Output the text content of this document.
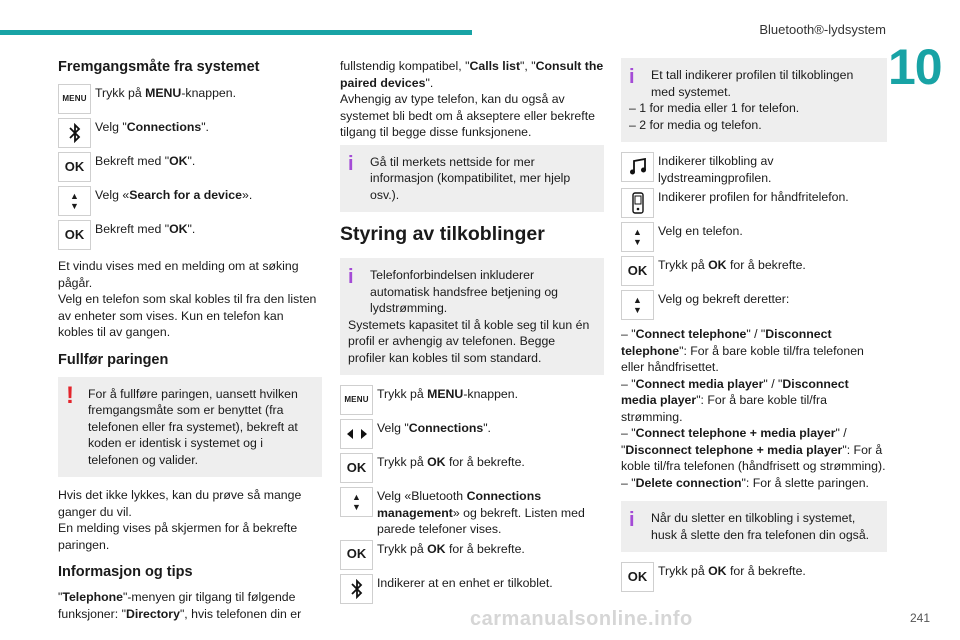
Bluetooth®-lydsystem
10
Fremgangsmåte fra systemet
MENU Trykk på MENU-knappen.
Velg "Connections".
OK Bekreft med "OK".
▲
▼
Velg «Search for a device».
OK Bekreft med "OK".

Et vindu vises med en melding om at søking pågår.

Velg en telefon som skal kobles til fra den listen av enheter som vises. Kun en telefon kan kobles til av gangen.

Fullfør paringen
!	For å fullføre paringen, uansett hvilken fremgangsmåte som er benyttet (fra telefonen eller fra systemet), bekreft at koden er identisk i systemet og i telefonen og valider.

Hvis det ikke lykkes, kan du prøve så mange ganger du vil.

En melding vises på skjermen for å bekrefte paringen.

Informasjon og tips

"Telephone"-menyen gir tilgang til følgende funksjoner: "Directory", hvis telefonen din er

fullstendig kompatibel, "Calls list", "Consult the paired devices".

Avhengig av type telefon, kan du også av systemet bli bedt om å akseptere eller bekrefte tilgang til begge disse funksjonene.

i	Gå til merkets nettside for mer informasjon (kompatibilitet, mer hjelp osv.).

Styring av tilkoblinger
i	Telefonforbindelsen inkluderer automatisk handsfree betjening og lydstrømming.

Systemets kapasitet til å koble seg til kun én profil er avhengig av telefonen. Begge profiler kan kobles til som standard.

MENU Trykk på MENU-knappen.
Velg "Connections".
OK Trykk på OK for å bekrefte.
▲
▼
Velg «Bluetooth Connections management» og bekreft. Listen med parede telefoner vises.
OK Trykk på OK for å bekrefte.
Indikerer at en enhet er tilkoblet.
i	Et tall indikerer profilen til tilkoblingen med systemet.

– 1 for media eller 1 for telefon.

– 2 for media og telefon.

Indikerer tilkobling av lydstreamingprofilen.
Indikerer profilen for håndfritelefon.
▲
▼
Velg en telefon.
OK Trykk på OK for å bekrefte.
▲
▼
Velg og bekreft deretter:

– "Connect telephone" / "Disconnect telephone": For å bare koble til/fra telefonen eller håndfrisettet.

– "Connect media player" / "Disconnect media player": For å bare koble til/fra strømming.

– "Connect telephone + media player" / "Disconnect telephone + media player": For å koble til/fra telefonen (håndfrisett og strømming).

– "Delete connection": For å slette paringen.

i	Når du sletter en tilkobling i systemet, husk å slette den fra telefonen din også.

OK Trykk på OK for å bekrefte.
carmanualsonline.info	241
